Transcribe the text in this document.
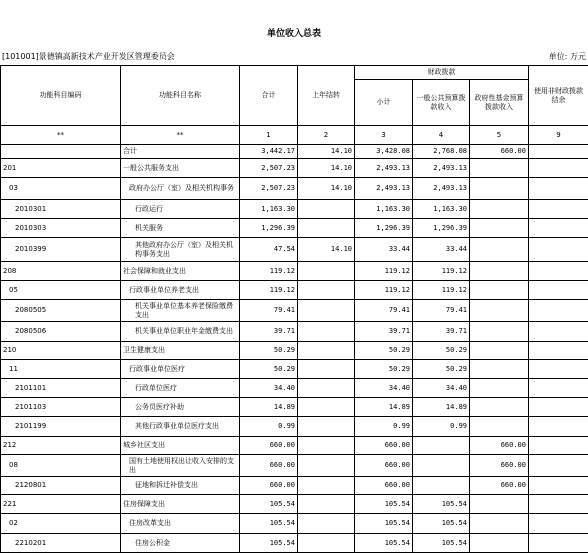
单位收入总表
[101001]景德镇高新技术产业开发区管理委员会	单位: 万元
功能科目编码	功能科目名称	合计	上年结转	财政拨款			使用非财政拨款结余
				小计	一般公共预算拨款收入	政府性基金预算拨款收入	

**	**	1	2	3	4	5	9
	合计	3,442.17	14.10	3,428.08	2,768.08	660.00	
201	一般公共服务支出	2,507.23	14.10	2,493.13	2,493.13		
03	政府办公厅（室）及相关机构事务	2,507.23	14.10	2,493.13	2,493.13		
2010301	行政运行	1,163.30		1,163.30	1,163.30		
2010303	机关服务	1,296.39		1,296.39	1,296.39		
2010399	其他政府办公厅（室）及相关机构事务支出	47.54	14.10	33.44	33.44		
208	社会保障和就业支出	119.12		119.12	119.12		
05	行政事业单位养老支出	119.12		119.12	119.12		
2080505	机关事业单位基本养老保险缴费支出	79.41		79.41	79.41		
2080506	机关事业单位职业年金缴费支出	39.71		39.71	39.71		
210	卫生健康支出	50.29		50.29	50.29		
11	行政事业单位医疗	50.29		50.29	50.29		
2101101	行政单位医疗	34.40		34.40	34.40		
2101103	公务员医疗补助	14.89		14.89	14.89		
2101199	其他行政事业单位医疗支出	0.99		0.99	0.99		
212	城乡社区支出	660.00		660.00		660.00	
08	国有土地使用权出让收入安排的支出	660.00		660.00		660.00	
2120801	征地和拆迁补偿支出	660.00		660.00		660.00	
221	住房保障支出	105.54		105.54	105.54		
02	住房改革支出	105.54		105.54	105.54		
2210201	住房公积金	105.54		105.54	105.54		
